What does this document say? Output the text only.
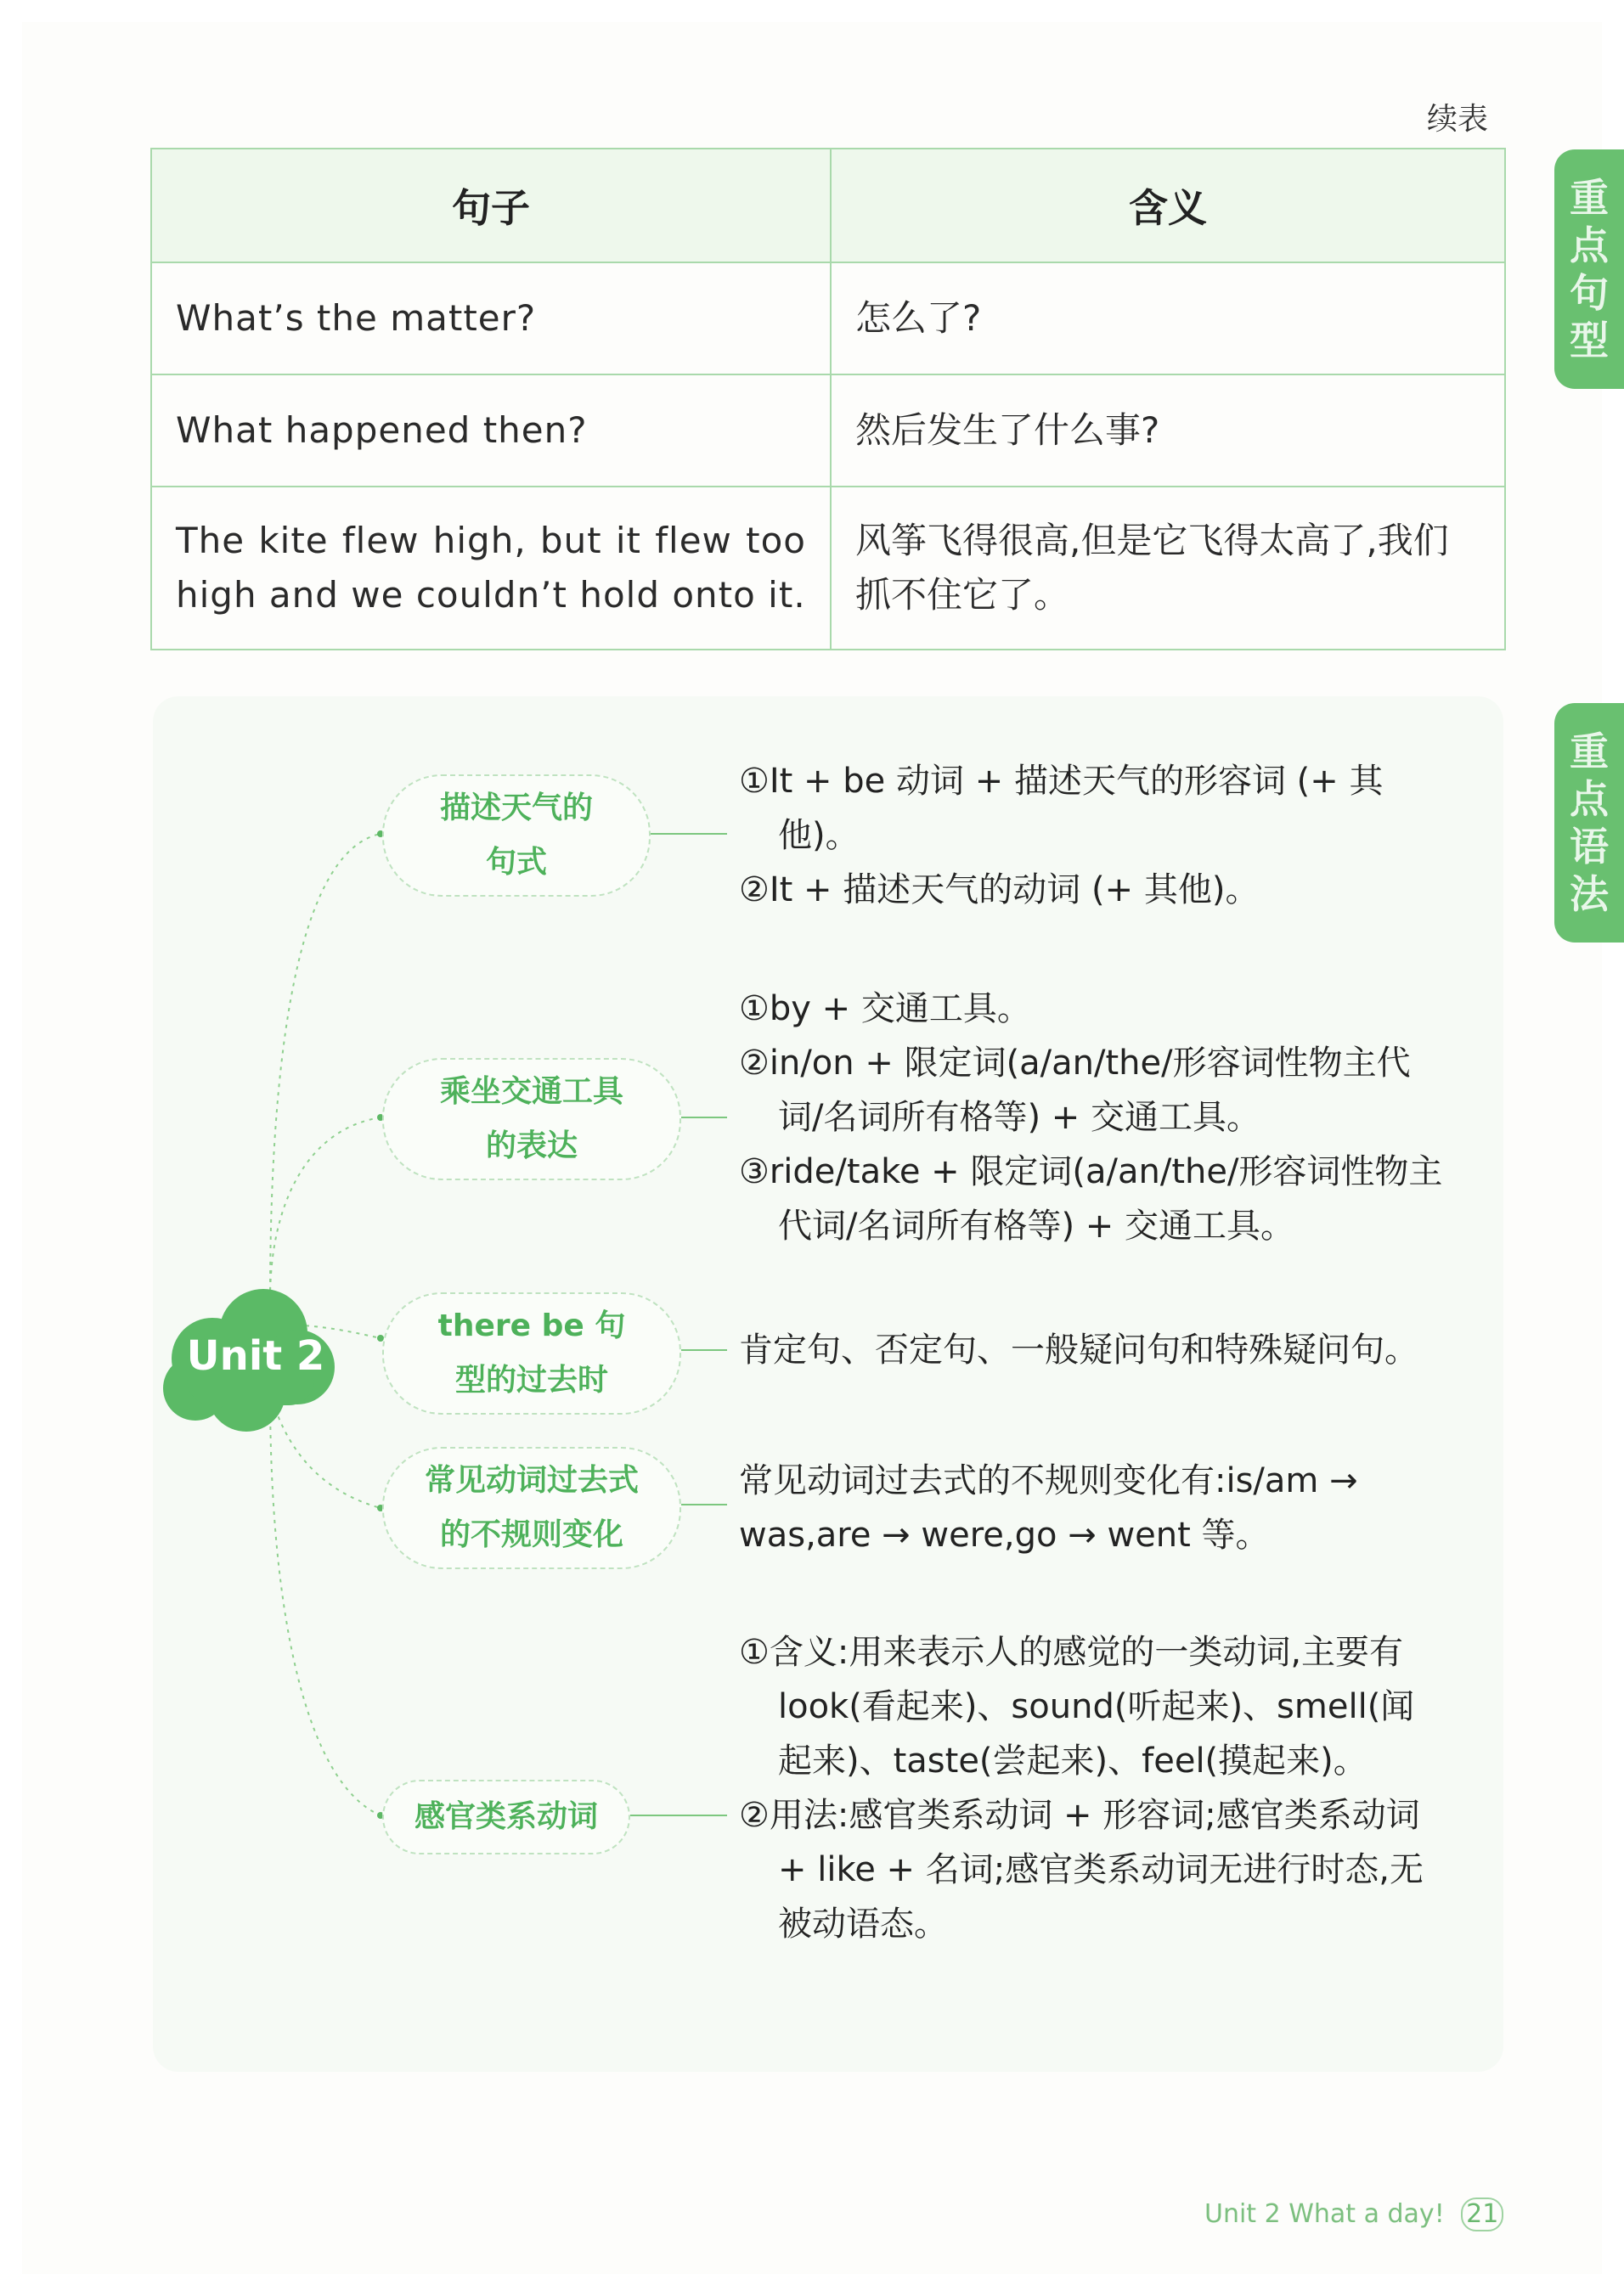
续表
重点句型
重点语法
句子	含义
What’s the matter?	怎么了?
What happened then?	然后发生了什么事?
The kite flew high, but it flew too high and we couldn’t hold onto it.	风筝飞得很高,但是它飞得太高了,我们抓不住它了。
Unit 2
描述天气的
句式
乘坐交通工具
的表达
there be 句
型的过去时
常见动词过去式
的不规则变化
感官类系动词

①It + be 动词 + 描述天气的形容词 (+ 其他)。

②It + 描述天气的动词 (+ 其他)。

①by + 交通工具。

②in/on + 限定词(a/an/the/形容词性物主代词/名词所有格等) + 交通工具。

③ride/take + 限定词(a/an/the/形容词性物主代词/名词所有格等) + 交通工具。

肯定句、否定句、一般疑问句和特殊疑问句。

常见动词过去式的不规则变化有:is/am → was,are → were,go → went 等。

①含义:用来表示人的感觉的一类动词,主要有 look(看起来)、sound(听起来)、smell(闻起来)、taste(尝起来)、feel(摸起来)。

②用法:感官类系动词 + 形容词;感官类系动词 + like + 名词;感官类系动词无进行时态,无被动语态。

Unit 2 What a day! 21
